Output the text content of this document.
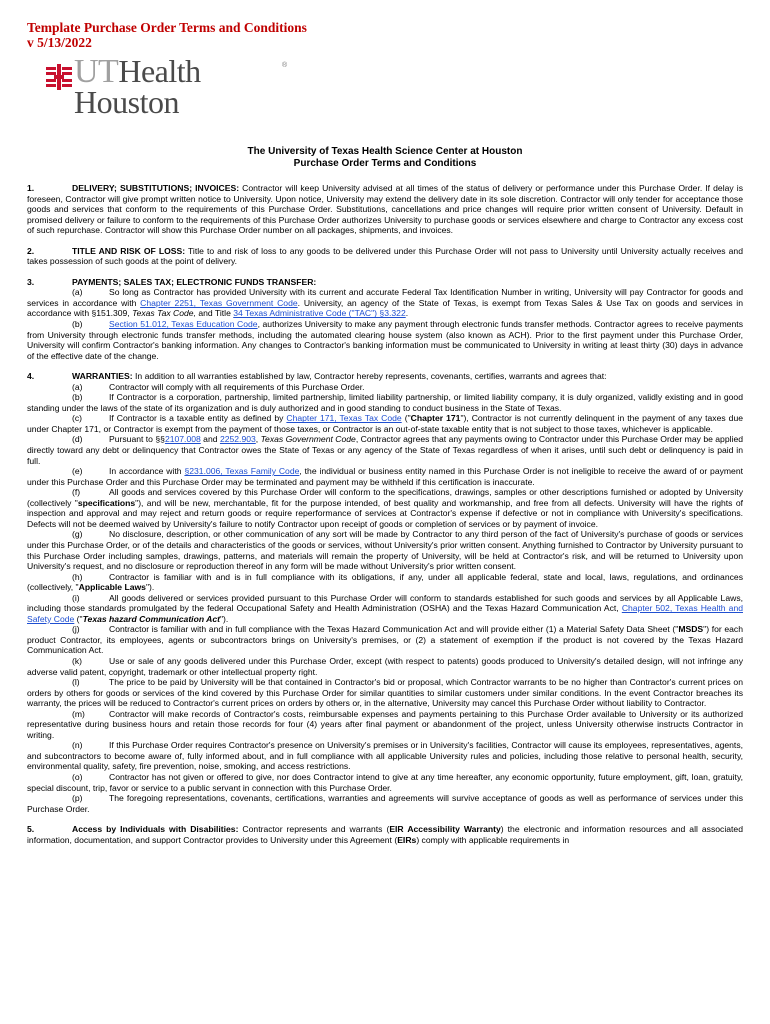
Template Purchase Order Terms and Conditions
v 5/13/2022
UTHealth
Houston
®
The University of Texas Health Science Center at Houston
Purchase Order Terms and Conditions
1.	DELIVERY; SUBSTITUTIONS; INVOICES: Contractor will keep University advised at all times of the status of delivery or performance under this Purchase Order. If delay is foreseen, Contractor will give prompt written notice to University. Upon notice, University may extend the delivery date in its sole discretion. Contractor will only tender for acceptance those goods and services that conform to the requirements of this Purchase Order. Substitutions, cancellations and price changes will require prior written consent of University. Default in promised delivery or failure to conform to the requirements of this Purchase Order authorizes University to purchase goods or services elsewhere and charge to Contractor any excess cost of such repurchase. Contractor will show this Purchase Order number on all packages, shipments, and invoices.
2.	TITLE AND RISK OF LOSS: Title to and risk of loss to any goods to be delivered under this Purchase Order will not pass to University until University actually receives and takes possession of such goods at the point of delivery.
3.	PAYMENTS; SALES TAX; ELECTRONIC FUNDS TRANSFER:
(a)	So long as Contractor has provided University with its current and accurate Federal Tax Identification Number in writing, University will pay Contractor for goods and services in accordance with Chapter 2251, Texas Government Code. University, an agency of the State of Texas, is exempt from Texas Sales & Use Tax on goods and services in accordance with §151.309, Texas Tax Code, and Title 34 Texas Administrative Code ("TAC") §3.322.
(b)	Section 51.012, Texas Education Code, authorizes University to make any payment through electronic funds transfer methods. Contractor agrees to receive payments from University through electronic funds transfer methods, including the automated clearing house system (also known as ACH). Prior to the first payment under this Purchase Order, University will confirm Contractor's banking information. Any changes to Contractor's banking information must be communicated to University in writing at least thirty (30) days in advance of the effective date of the change.
4.	WARRANTIES: In addition to all warranties established by law, Contractor hereby represents, covenants, certifies, warrants and agrees that:
(a)	Contractor will comply with all requirements of this Purchase Order.
(b)	If Contractor is a corporation, partnership, limited partnership, limited liability partnership, or limited liability company, it is duly organized, validly existing and in good standing under the laws of the state of its organization and is duly authorized and in good standing to conduct business in the State of Texas.
(c)	If Contractor is a taxable entity as defined by Chapter 171, Texas Tax Code ("Chapter 171"), Contractor is not currently delinquent in the payment of any taxes due under Chapter 171, or Contractor is exempt from the payment of those taxes, or Contractor is an out-of-state taxable entity that is not subject to those taxes, whichever is applicable.
(d)	Pursuant to §§2107.008 and 2252.903, Texas Government Code, Contractor agrees that any payments owing to Contractor under this Purchase Order may be applied directly toward any debt or delinquency that Contractor owes the State of Texas or any agency of the State of Texas regardless of when it arises, until such debt or delinquency is paid in full.
(e)	In accordance with §231.006, Texas Family Code, the individual or business entity named in this Purchase Order is not ineligible to receive the award of or payment under this Purchase Order and this Purchase Order may be terminated and payment may be withheld if this certification is inaccurate.
(f)	All goods and services covered by this Purchase Order will conform to the specifications, drawings, samples or other descriptions furnished or adopted by University (collectively "specifications"), and will be new, merchantable, fit for the purpose intended, of best quality and workmanship, and free from all defects. University will have the rights of inspection and approval and may reject and return goods or require reperformance of services at Contractor's expense if defective or not in compliance with University's specifications. Defects will not be deemed waived by University's failure to notify Contractor upon receipt of goods or completion of services or by payment of invoice.
(g)	No disclosure, description, or other communication of any sort will be made by Contractor to any third person of the fact of University's purchase of goods or services under this Purchase Order, or of the details and characteristics of the goods or services, without University's prior written consent. Anything furnished to Contractor by University pursuant to this Purchase Order including samples, drawings, patterns, and materials will remain the property of University, will be held at Contractor's risk, and will be returned to University upon University's request, and no disclosure or reproduction thereof in any form will be made without University's prior written consent.
(h)	Contractor is familiar with and is in full compliance with its obligations, if any, under all applicable federal, state and local, laws, regulations, and ordinances (collectively, "Applicable Laws").
(i)	All goods delivered or services provided pursuant to this Purchase Order will conform to standards established for such goods and services by all Applicable Laws, including those standards promulgated by the federal Occupational Safety and Health Administration (OSHA) and the Texas Hazard Communication Act, Chapter 502, Texas Health and Safety Code ("Texas hazard Communication Act").
(j)	Contractor is familiar with and in full compliance with the Texas Hazard Communication Act and will provide either (1) a Material Safety Data Sheet ("MSDS") for each product Contractor, its employees, agents or subcontractors brings on University's premises, or (2) a statement of exemption if the product is not covered by the Texas Hazard Communication Act.
(k)	Use or sale of any goods delivered under this Purchase Order, except (with respect to patents) goods produced to University's detailed design, will not infringe any adverse valid patent, copyright, trademark or other intellectual property right.
(l)	The price to be paid by University will be that contained in Contractor's bid or proposal, which Contractor warrants to be no higher than Contractor's current prices on orders by others for goods or services of the kind covered by this Purchase Order for similar quantities to similar customers under similar conditions. In the event Contractor breaches its warranty, the prices will be reduced to Contractor's current prices on orders by others or, in the alternative, University may cancel this Purchase Order without liability to Contractor.
(m)	Contractor will make records of Contractor's costs, reimbursable expenses and payments pertaining to this Purchase Order available to University or its authorized representative during business hours and retain those records for four (4) years after final payment or abandonment of the project, unless University otherwise instructs Contractor in writing.
(n)	If this Purchase Order requires Contractor's presence on University's premises or in University's facilities, Contractor will cause its employees, representatives, agents, and subcontractors to become aware of, fully informed about, and in full compliance with all applicable University rules and policies, including those relative to personal health, security, environmental quality, safety, fire prevention, noise, smoking, and access restrictions.
(o)	Contractor has not given or offered to give, nor does Contractor intend to give at any time hereafter, any economic opportunity, future employment, gift, loan, gratuity, special discount, trip, favor or service to a public servant in connection with this Purchase Order.
(p)	The foregoing representations, covenants, certifications, warranties and agreements will survive acceptance of goods as well as performance of services under this Purchase Order.
5.	Access by Individuals with Disabilities: Contractor represents and warrants (EIR Accessibility Warranty) the electronic and information resources and all associated information, documentation, and support Contractor provides to University under this Agreement (EIRs) comply with applicable requirements in
